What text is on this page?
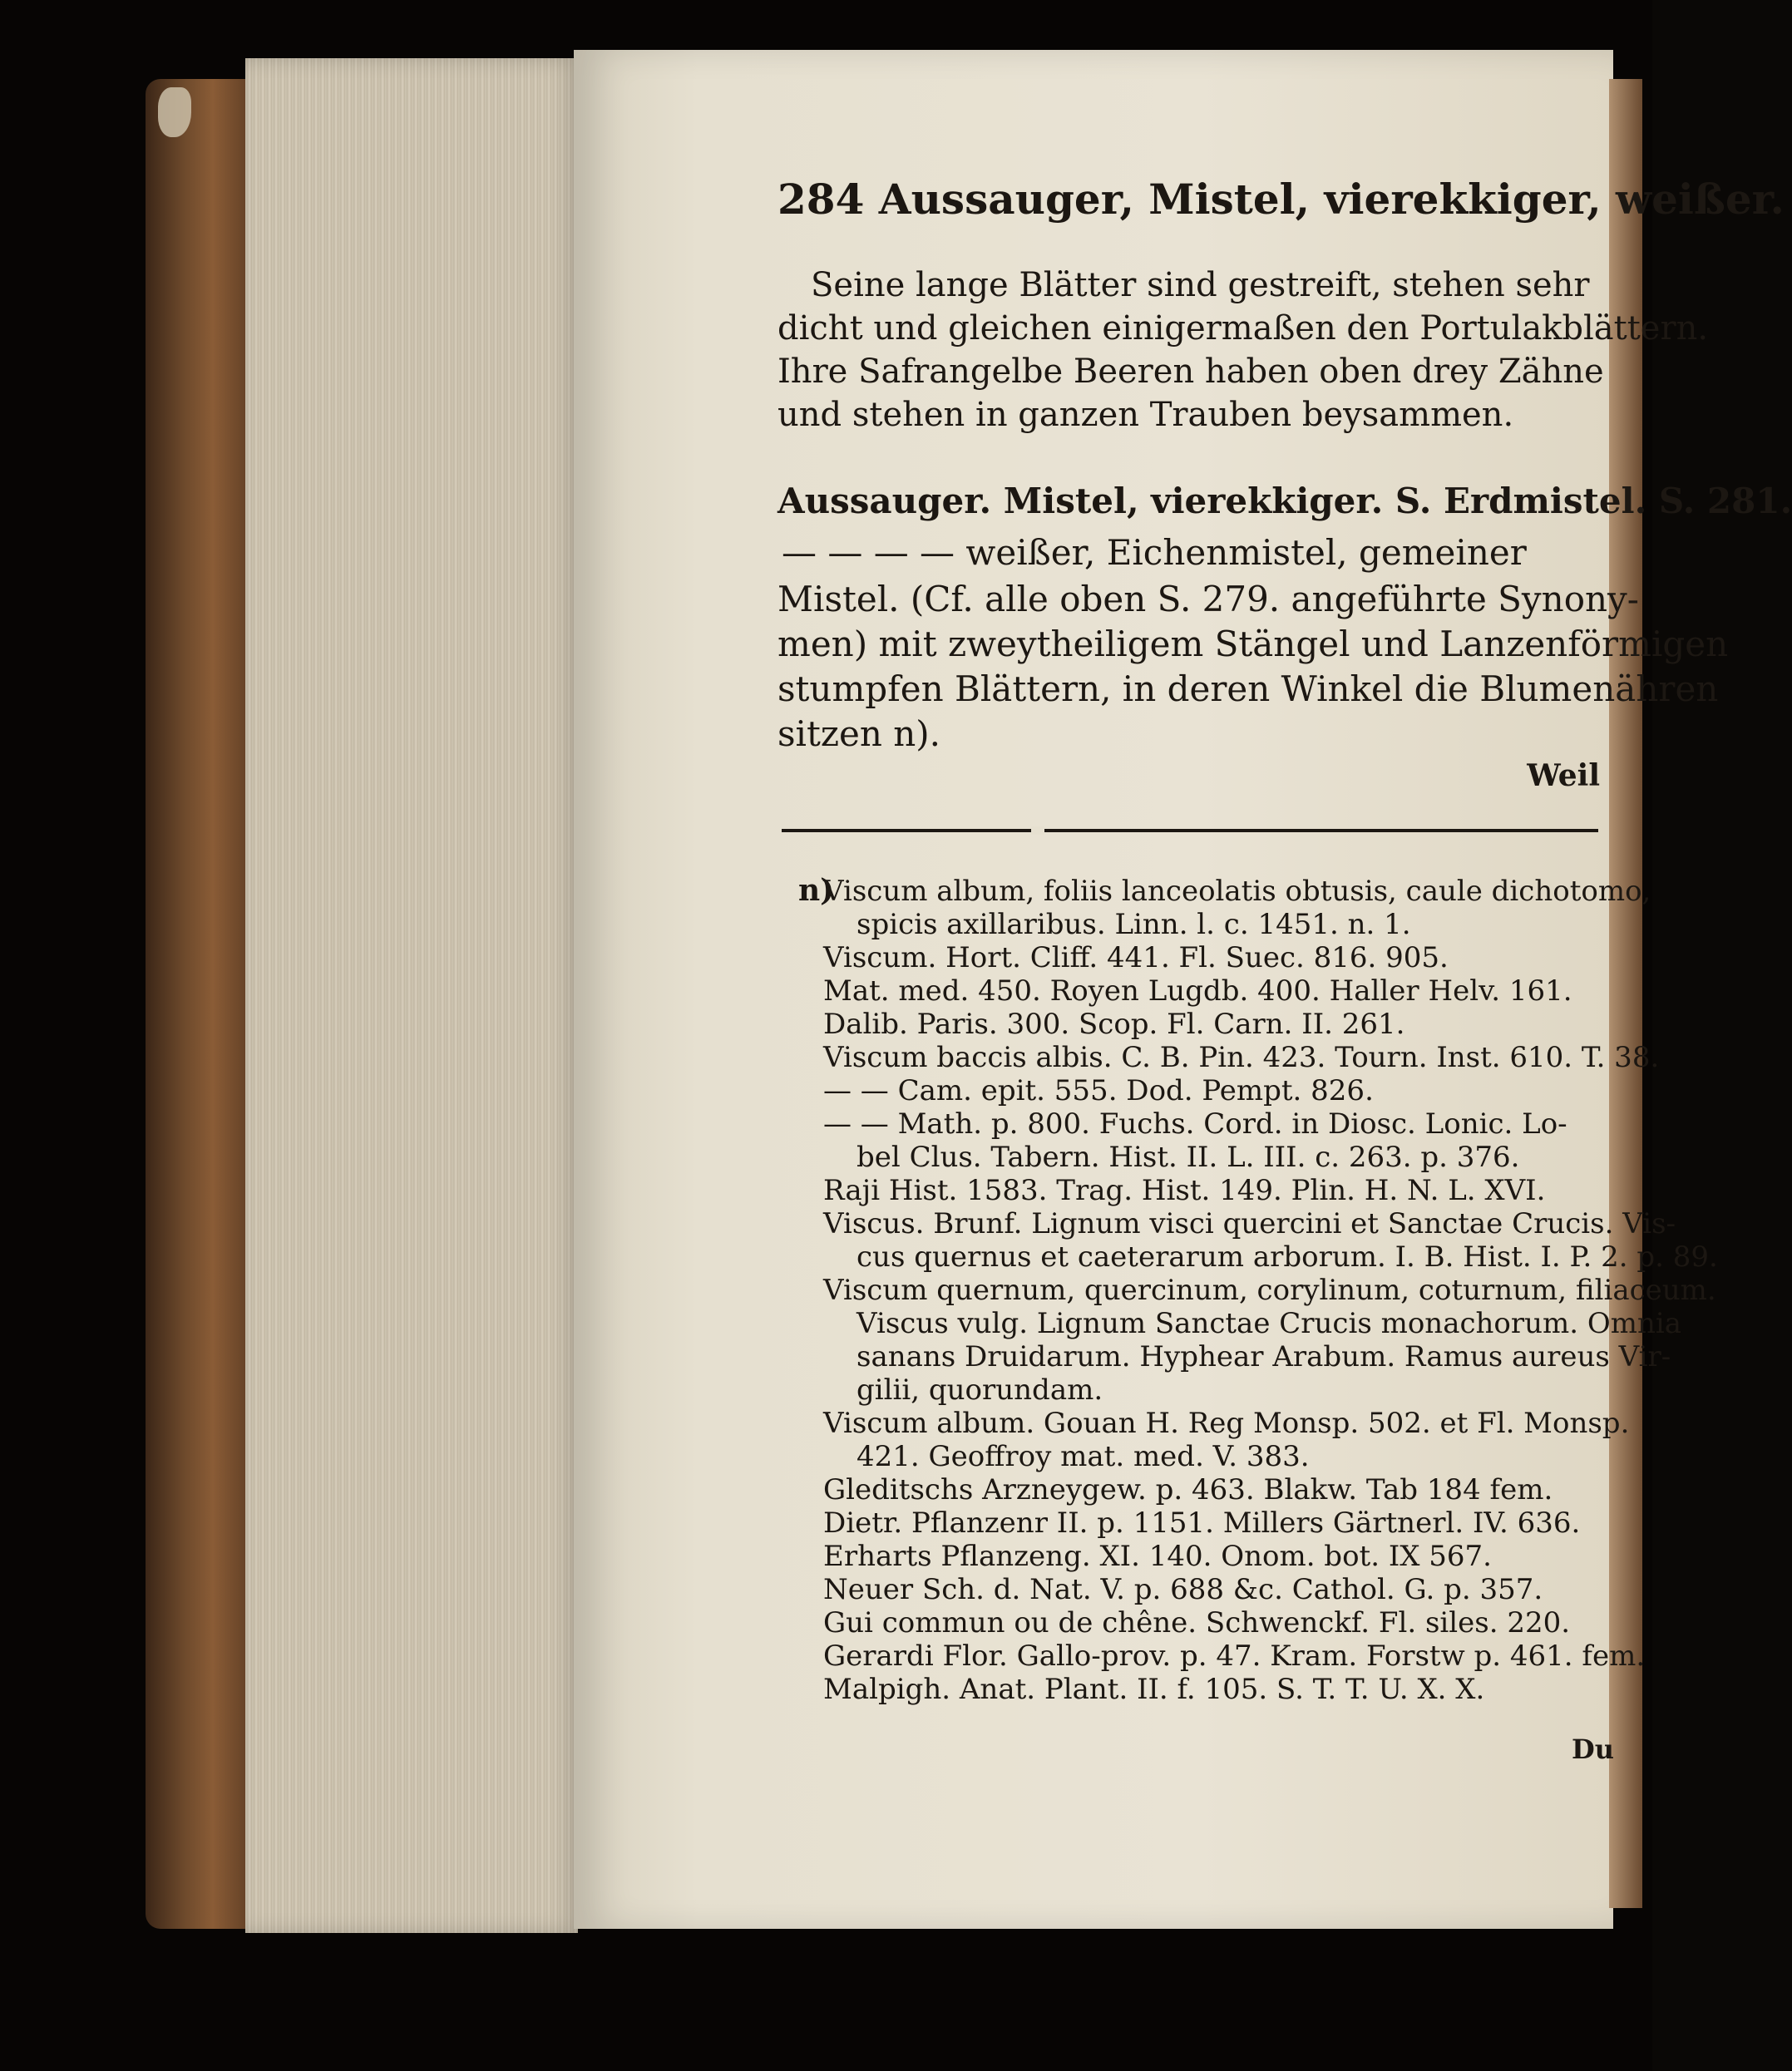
284 Aussauger, Mistel, vierekkiger, weißer.
Seine lange Blätter sind gestreift, stehen sehr
dicht und gleichen einigermaßen den Portulakblättern.
Ihre Safrangelbe Beeren haben oben drey Zähne
und stehen in ganzen Trauben beysammen.
Aussauger. Mistel, vierekkiger. S. Erdmistel. S. 281.
— — — — weißer, Eichenmistel, gemeiner
Mistel. (Cf. alle oben S. 279. angeführte Synony-
men) mit zweytheiligem Stängel und Lanzenförmigen
stumpfen Blättern, in deren Winkel die Blumenähren
sitzen n).
Weil
n)
Viscum album, foliis lanceolatis obtusis, caule dichotomo,
spicis axillaribus. Linn. l. c. 1451. n. 1.
Viscum. Hort. Cliff. 441. Fl. Suec. 816. 905.
Mat. med. 450. Royen Lugdb. 400. Haller Helv. 161.
Dalib. Paris. 300. Scop. Fl. Carn. II. 261.
Viscum baccis albis. C. B. Pin. 423. Tourn. Inst. 610. T. 38.
— — Cam. epit. 555. Dod. Pempt. 826.
— — Math. p. 800. Fuchs. Cord. in Diosc. Lonic. Lo-
bel Clus. Tabern. Hist. II. L. III. c. 263. p. 376.
Raji Hist. 1583. Trag. Hist. 149. Plin. H. N. L. XVI.
Viscus. Brunf. Lignum visci quercini et Sanctae Crucis. Vis-
cus quernus et caeterarum arborum. I. B. Hist. I. P. 2. p. 89.
Viscum quernum, quercinum, corylinum, coturnum, filiaceum.
Viscus vulg. Lignum Sanctae Crucis monachorum. Omnia
sanans Druidarum. Hyphear Arabum. Ramus aureus Vir-
gilii, quorundam.
Viscum album. Gouan H. Reg Monsp. 502. et Fl. Monsp.
421. Geoffroy mat. med. V. 383.
Gleditschs Arzneygew. p. 463. Blakw. Tab 184 fem.
Dietr. Pflanzenr II. p. 1151. Millers Gärtnerl. IV. 636.
Erharts Pflanzeng. XI. 140. Onom. bot. IX 567.
Neuer Sch. d. Nat. V. p. 688 &c. Cathol. G. p. 357.
Gui commun ou de chêne. Schwenckf. Fl. siles. 220.
Gerardi Flor. Gallo-prov. p. 47. Kram. Forstw p. 461. fem.
Malpigh. Anat. Plant. II. f. 105. S. T. T. U. X. X.
Du
